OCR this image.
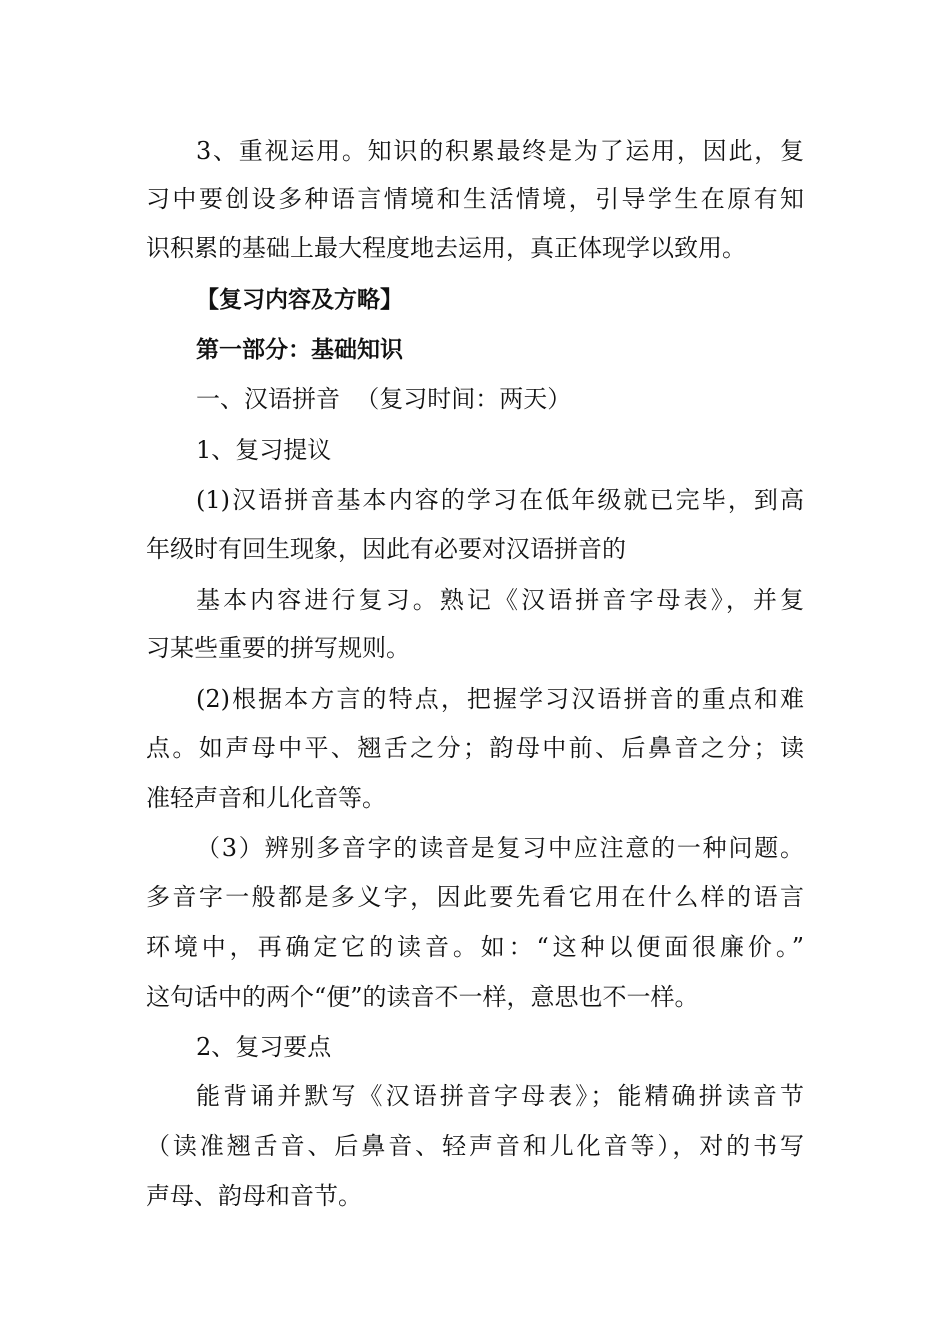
3、重视运用。知识的积累最终是为了运用，因此，复
习中要创设多种语言情境和生活情境，引导学生在原有知
识积累的基础上最大程度地去运用，真正体现学以致用。
【复习内容及方略】
第一部分：基础知识
一、汉语拼音  （复习时间：两天）
1、复习提议
(1)汉语拼音基本内容的学习在低年级就已完毕，到高
年级时有回生现象，因此有必要对汉语拼音的
基本内容进行复习。熟记《汉语拼音字母表》，并复
习某些重要的拼写规则。
(2)根据本方言的特点，把握学习汉语拼音的重点和难
点。如声母中平、翘舌之分；韵母中前、后鼻音之分；读
准轻声音和儿化音等。
（3）辨别多音字的读音是复习中应注意的一种问题。
多音字一般都是多义字，因此要先看它用在什么样的语言
环境中，再确定它的读音。如：“这种以便面很廉价。”
这句话中的两个“便”的读音不一样，意思也不一样。
2、复习要点
能背诵并默写《汉语拼音字母表》；能精确拼读音节
（读准翘舌音、后鼻音、轻声音和儿化音等），对的书写
声母、韵母和音节。
